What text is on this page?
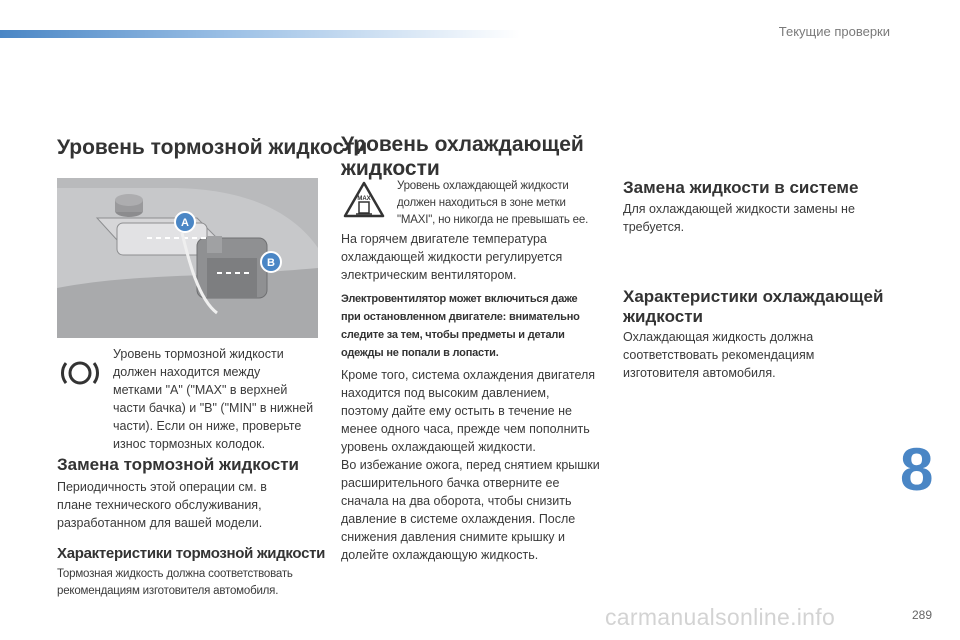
Текущие проверки
Уровень тормозной жидкости
A
B

Уровень тормозной жидкости

должен находится между

метками "A" ("MAX" в верхней

части бачка) и "B" ("MIN" в нижней

части). Если он ниже, проверьте

износ тормозных колодок.

Замена тормозной жидкости

Периодичность этой операции см. в

плане технического обслуживания,

разработанном для вашей модели.

Характеристики тормозной жидкости

Тормозная жидкость должна соответствовать

рекомендациям изготовителя автомобиля.

Уровень охлаждающей
жидкости
MAX

Уровень охлаждающей жидкости

должен находиться в зоне метки

"MAXI", но никогда не превышать ее.

На горячем двигателе температура

охлаждающей жидкости регулируется

электрическим вентилятором.

Электровентилятор может включиться даже

при остановленном двигателе: внимательно

следите за тем, чтобы предметы и детали

одежды не попали в лопасти.

Кроме того, система охлаждения двигателя

находится под высоким давлением,

поэтому дайте ему остыть в течение не

менее одного часа, прежде чем пополнить

уровень охлаждающей жидкости.

Во избежание ожога, перед снятием крышки

расширительного бачка отверните ее

сначала на два оборота, чтобы снизить

давление в системе охлаждения. После

снижения давления снимите крышку и

долейте охлаждающую жидкость.

Замена жидкости в системе

Для охлаждающей жидкости замены не

требуется.

Характеристики охлаждающей
жидкости

Охлаждающая жидкость должна

соответствовать рекомендациям

изготовителя автомобиля.

8
carmanualsonline.info	289
